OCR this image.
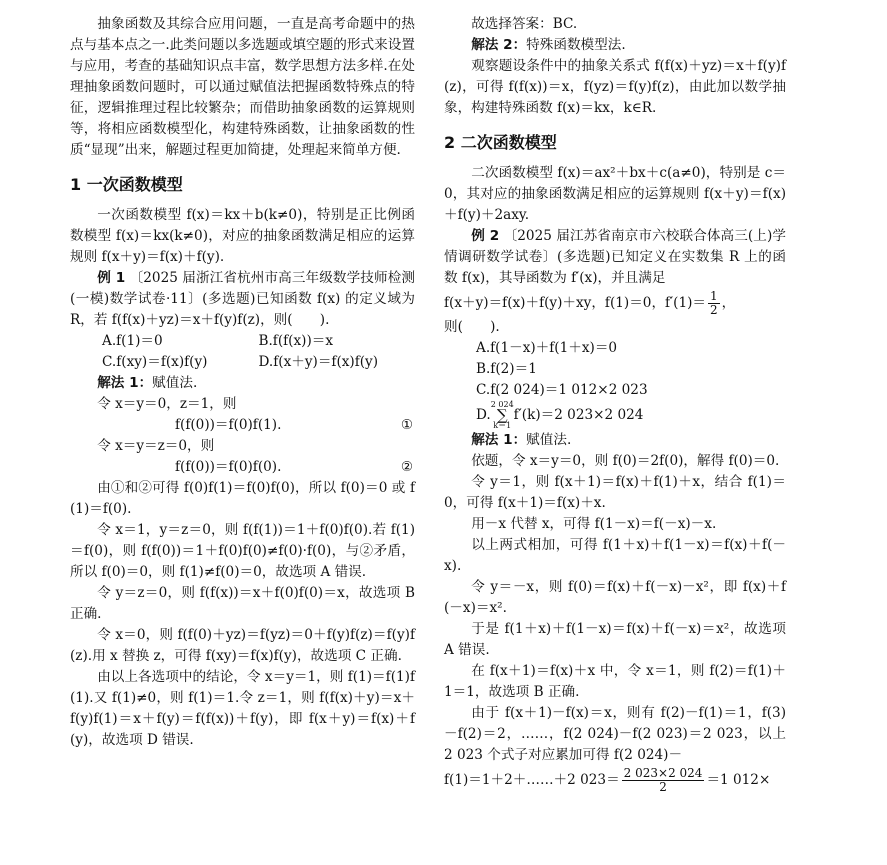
抽象函数及其综合应用问题，一直是高考命题中的热点与基本点之一.此类问题以多选题或填空题的形式来设置与应用，考查的基础知识点丰富，数学思想方法多样.在处理抽象函数问题时，可以通过赋值法把握函数特殊点的特征，逻辑推理过程比较繁杂；而借助抽象函数的运算规则等，将相应函数模型化，构建特殊函数，让抽象函数的性质“显现”出来，解题过程更加简捷，处理起来简单方便.

1 一次函数模型

一次函数模型 f(x)＝kx＋b(k≠0)，特别是正比例函数模型 f(x)＝kx(k≠0)，对应的抽象函数满足相应的运算规则 f(x＋y)＝f(x)＋f(y).

例 1 〔2025 届浙江省杭州市高三年级数学技师检测(一模)数学试卷·11〕(多选题)已知函数 f(x) 的定义域为 R，若 f(f(x)＋yz)＝x＋f(y)f(z)，则(　　).

A.f(1)＝0	B.f(f(x))＝x
C.f(xy)＝f(x)f(y)	D.f(x＋y)＝f(x)f(y)

解法 1：赋值法.

令 x＝y＝0，z＝1，则

f(f(0))＝f(0)f(1).	①

令 x＝y＝z＝0，则

f(f(0))＝f(0)f(0).	②

由①和②可得 f(0)f(1)＝f(0)f(0)，所以 f(0)＝0 或 f(1)＝f(0).

令 x＝1，y＝z＝0，则 f(f(1))＝1＋f(0)f(0).若 f(1)＝f(0)，则 f(f(0))＝1＋f(0)f(0)≠f(0)·f(0)，与②矛盾，所以 f(0)＝0，则 f(1)≠f(0)＝0，故选项 A 错误.

令 y＝z＝0，则 f(f(x))＝x＋f(0)f(0)＝x，故选项 B 正确.

令 x＝0，则 f(f(0)＋yz)＝f(yz)＝0＋f(y)f(z)＝f(y)f(z).用 x 替换 z，可得 f(xy)＝f(x)f(y)，故选项 C 正确.

由以上各选项中的结论，令 x＝y＝1，则 f(1)＝f(1)f(1).又 f(1)≠0，则 f(1)＝1.令 z＝1，则 f(f(x)＋y)＝x＋f(y)f(1)＝x＋f(y)＝f(f(x))＋f(y)，即 f(x＋y)＝f(x)＋f(y)，故选项 D 错误.

故选择答案：BC.

解法 2：特殊函数模型法.

观察题设条件中的抽象关系式 f(f(x)＋yz)＝x＋f(y)f(z)，可得 f(f(x))＝x，f(yz)＝f(y)f(z)，由此加以数学抽象，构建特殊函数 f(x)＝kx，k∈R.

2 二次函数模型

二次函数模型 f(x)＝ax²＋bx＋c(a≠0)，特别是 c＝0，其对应的抽象函数满足相应的运算规则 f(x＋y)＝f(x)＋f(y)＋2axy.

例 2 〔2025 届江苏省南京市六校联合体高三(上)学情调研数学试卷〕(多选题)已知定义在实数集 R 上的函数 f(x)，其导函数为 f′(x)，并且满足

f(x＋y)＝f(x)＋f(y)＋xy，f(1)＝0，$f'(1)= \frac{1}{2}$ ，

则(　　).

A.f(1－x)＋f(1＋x)＝0
B.f(2)＝1
C.f(2 024)＝1 012×2 023
D.
2 024
∑
k＝1
f′(k)＝2 023×2 024

解法 1：赋值法.

依题，令 x＝y＝0，则 f(0)＝2f(0)，解得 f(0)＝0.

令 y＝1，则 f(x＋1)＝f(x)＋f(1)＋x，结合 f(1)＝0，可得 f(x＋1)＝f(x)＋x.

用－x 代替 x，可得 f(1－x)＝f(－x)－x.

以上两式相加，可得 f(1＋x)＋f(1－x)＝f(x)＋f(－x).

令 y＝－x，则 f(0)＝f(x)＋f(－x)－x²，即 f(x)＋f(－x)＝x².

于是 f(1＋x)＋f(1－x)＝f(x)＋f(－x)＝x²，故选项 A 错误.

在 f(x＋1)＝f(x)＋x 中，令 x＝1，则 f(2)＝f(1)＋1＝1，故选项 B 正确.

由于 f(x＋1)－f(x)＝x，则有 f(2)－f(1)＝1，f(3)－f(2)＝2，……，f(2 024)－f(2 023)＝2 023，以上 2 023 个式子对应累加可得 f(2 024)－

f(1)＝1＋2＋……＋2 $023= \frac{2 023\times 2 024}{2} =1$ 012×
